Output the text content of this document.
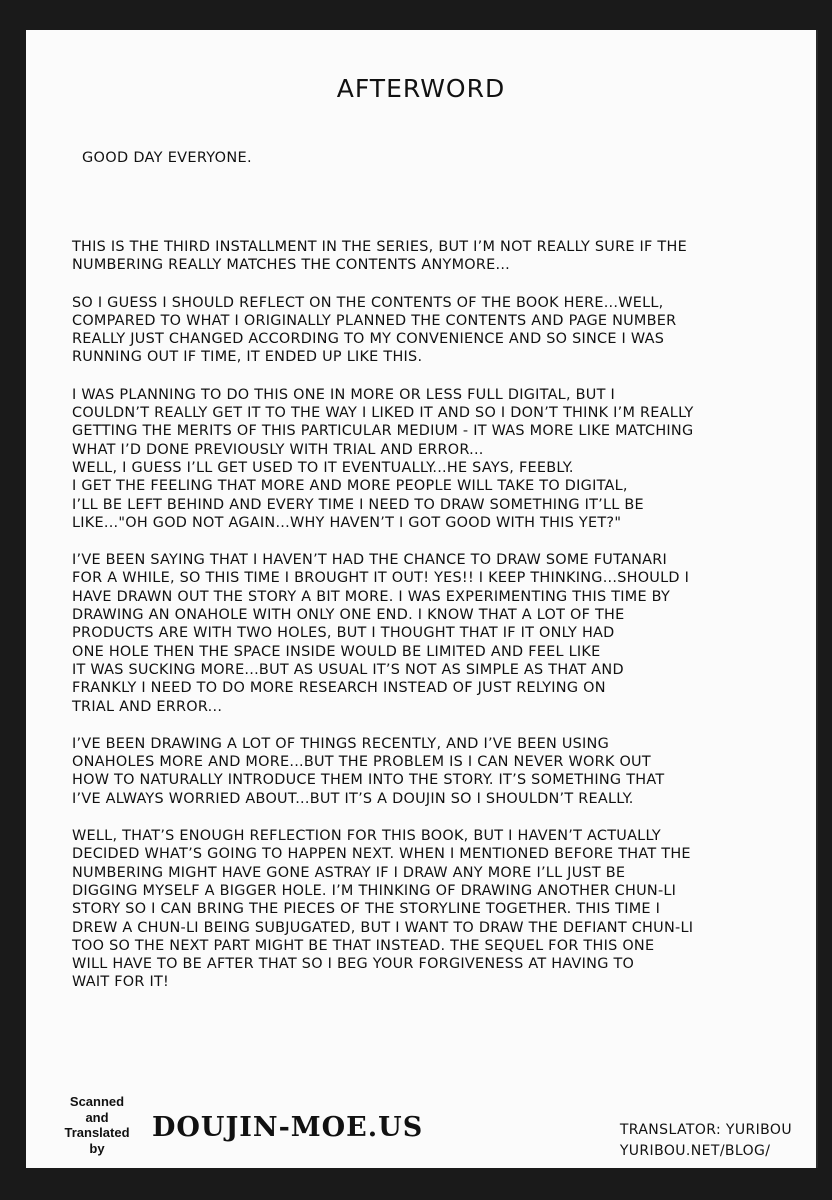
AFTERWORD
GOOD DAY EVERYONE.
THIS IS THE THIRD INSTALLMENT IN THE SERIES, BUT I’M NOT REALLY SURE IF THE
NUMBERING REALLY MATCHES THE CONTENTS ANYMORE...
SO I GUESS I SHOULD REFLECT ON THE CONTENTS OF THE BOOK HERE...WELL,
COMPARED TO WHAT I ORIGINALLY PLANNED THE CONTENTS AND PAGE NUMBER
REALLY JUST CHANGED ACCORDING TO MY CONVENIENCE AND SO SINCE I WAS
RUNNING OUT IF TIME, IT ENDED UP LIKE THIS.
I WAS PLANNING TO DO THIS ONE IN MORE OR LESS FULL DIGITAL, BUT I
COULDN’T REALLY GET IT TO THE WAY I LIKED IT AND SO I DON’T THINK I’M REALLY
GETTING THE MERITS OF THIS PARTICULAR MEDIUM - IT WAS MORE LIKE MATCHING
WHAT I’D DONE PREVIOUSLY WITH TRIAL AND ERROR...
WELL, I GUESS I’LL GET USED TO IT EVENTUALLY...HE SAYS, FEEBLY.
I GET THE FEELING THAT MORE AND MORE PEOPLE WILL TAKE TO DIGITAL,
I’LL BE LEFT BEHIND AND EVERY TIME I NEED TO DRAW SOMETHING IT’LL BE
LIKE..."OH GOD NOT AGAIN...WHY HAVEN’T I GOT GOOD WITH THIS YET?"
I’VE BEEN SAYING THAT I HAVEN’T HAD THE CHANCE TO DRAW SOME FUTANARI
FOR A WHILE, SO THIS TIME I BROUGHT IT OUT! YES!! I KEEP THINKING...SHOULD I
HAVE DRAWN OUT THE STORY A BIT MORE. I WAS EXPERIMENTING THIS TIME BY
DRAWING AN ONAHOLE WITH ONLY ONE END. I KNOW THAT A LOT OF THE
PRODUCTS ARE WITH TWO HOLES, BUT I THOUGHT THAT IF IT ONLY HAD
ONE HOLE THEN THE SPACE INSIDE WOULD BE LIMITED AND FEEL LIKE
IT WAS SUCKING MORE...BUT AS USUAL IT’S NOT AS SIMPLE AS THAT AND
FRANKLY I NEED TO DO MORE RESEARCH INSTEAD OF JUST RELYING ON
TRIAL AND ERROR...
I’VE BEEN DRAWING A LOT OF THINGS RECENTLY, AND I’VE BEEN USING
ONAHOLES MORE AND MORE...BUT THE PROBLEM IS I CAN NEVER WORK OUT
HOW TO NATURALLY INTRODUCE THEM INTO THE STORY. IT’S SOMETHING THAT
I’VE ALWAYS WORRIED ABOUT...BUT IT’S A DOUJIN SO I SHOULDN’T REALLY.
WELL, THAT’S ENOUGH REFLECTION FOR THIS BOOK, BUT I HAVEN’T ACTUALLY
DECIDED WHAT’S GOING TO HAPPEN NEXT. WHEN I MENTIONED BEFORE THAT THE
NUMBERING MIGHT HAVE GONE ASTRAY IF I DRAW ANY MORE I’LL JUST BE
DIGGING MYSELF A BIGGER HOLE. I’M THINKING OF DRAWING ANOTHER CHUN-LI
STORY SO I CAN BRING THE PIECES OF THE STORYLINE TOGETHER. THIS TIME I
DREW A CHUN-LI BEING SUBJUGATED, BUT I WANT TO DRAW THE DEFIANT CHUN-LI
TOO SO THE NEXT PART MIGHT BE THAT INSTEAD. THE SEQUEL FOR THIS ONE
WILL HAVE TO BE AFTER THAT SO I BEG YOUR FORGIVENESS AT HAVING TO
WAIT FOR IT!
Scanned
and
Translated
by
DOUJIN-MOE.US	TRANSLATOR: YURIBOU
YURIBOU.NET/BLOG/
